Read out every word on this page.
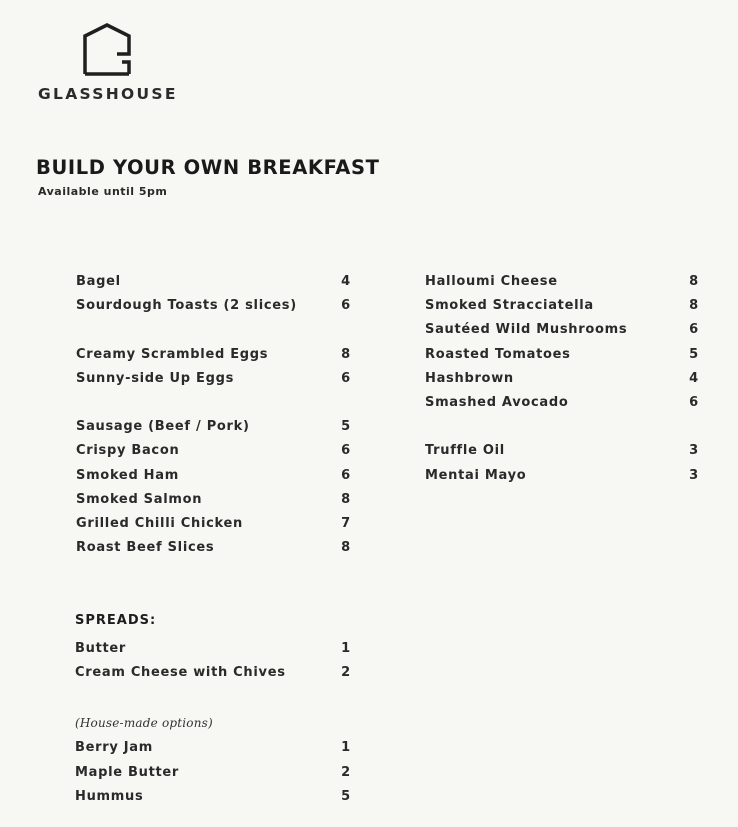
GLASSHOUSE
BUILD YOUR OWN BREAKFAST
Available until 5pm
Bagel	4
Sourdough Toasts (2 slices)	6
Creamy Scrambled Eggs	8
Sunny-side Up Eggs	6
Sausage (Beef / Pork)	5
Crispy Bacon	6
Smoked Ham	6
Smoked Salmon	8
Grilled Chilli Chicken	7
Roast Beef Slices	8
Halloumi Cheese	8
Smoked Stracciatella	8
Sautéed Wild Mushrooms	6
Roasted Tomatoes	5
Hashbrown	4
Smashed Avocado	6
Truffle Oil	3
Mentai Mayo	3
SPREADS:
Butter	1
Cream Cheese with Chives	2
(House-made options)
Berry Jam	1
Maple Butter	2
Hummus	5
